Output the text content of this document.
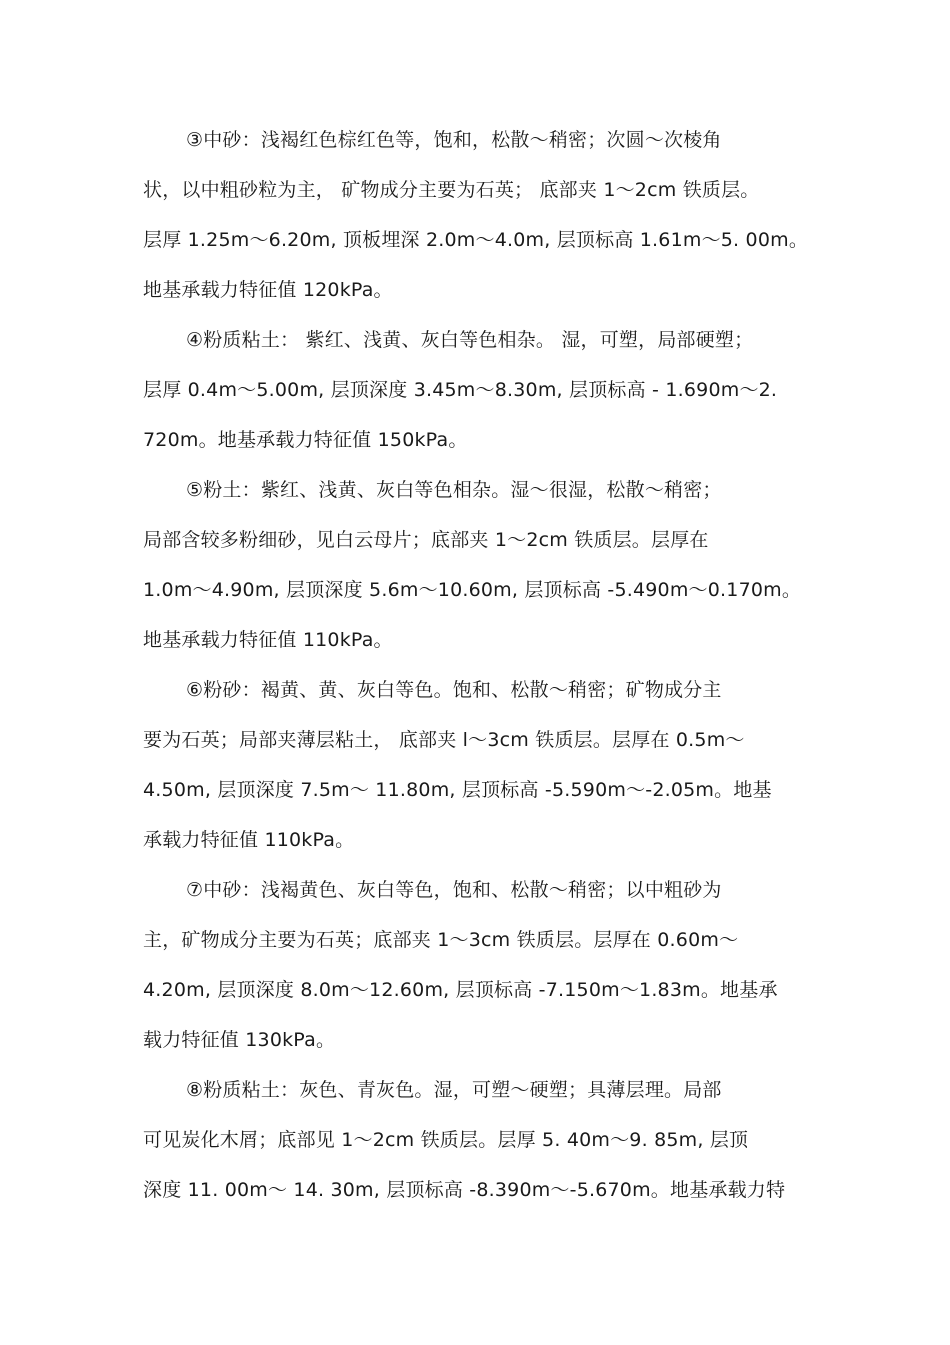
③中砂：浅褐红色棕红色等，饱和，松散～稍密；次圆～次棱角
状，以中粗砂粒为主， 矿物成分主要为石英； 底部夹 1～2cm 铁质层。
层厚 1.25m～6.20m, 顶板埋深 2.0m～4.0m, 层顶标高 1.61m～5. 00m。
地基承载力特征值 120kPa。
④粉质粘土： 紫红、浅黄、灰白等色相杂。 湿，可塑，局部硬塑；
层厚 0.4m～5.00m, 层顶深度 3.45m～8.30m, 层顶标高 - 1.690m～2.
720m。地基承载力特征值 150kPa。
⑤粉土：紫红、浅黄、灰白等色相杂。湿～很湿，松散～稍密；
局部含较多粉细砂，见白云母片；底部夹 1～2cm 铁质层。层厚在
1.0m～4.90m, 层顶深度 5.6m～10.60m, 层顶标高 -5.490m～0.170m。
地基承载力特征值 110kPa。
⑥粉砂：褐黄、黄、灰白等色。饱和、松散～稍密；矿物成分主
要为石英；局部夹薄层粘土， 底部夹 l～3cm 铁质层。层厚在 0.5m～
4.50m, 层顶深度 7.5m～ 11.80m, 层顶标高 -5.590m～-2.05m。地基
承载力特征值 110kPa。
⑦中砂：浅褐黄色、灰白等色，饱和、松散～稍密；以中粗砂为
主，矿物成分主要为石英；底部夹 1～3cm 铁质层。层厚在 0.60m～
4.20m, 层顶深度 8.0m～12.60m, 层顶标高 -7.150m～1.83m。地基承
载力特征值 130kPa。
⑧粉质粘土：灰色、青灰色。湿，可塑～硬塑；具薄层理。局部
可见炭化木屑；底部见 1～2cm 铁质层。层厚 5. 40m～9. 85m, 层顶
深度 11. 00m～ 14. 30m, 层顶标高 -8.390m～-5.670m。地基承载力特
